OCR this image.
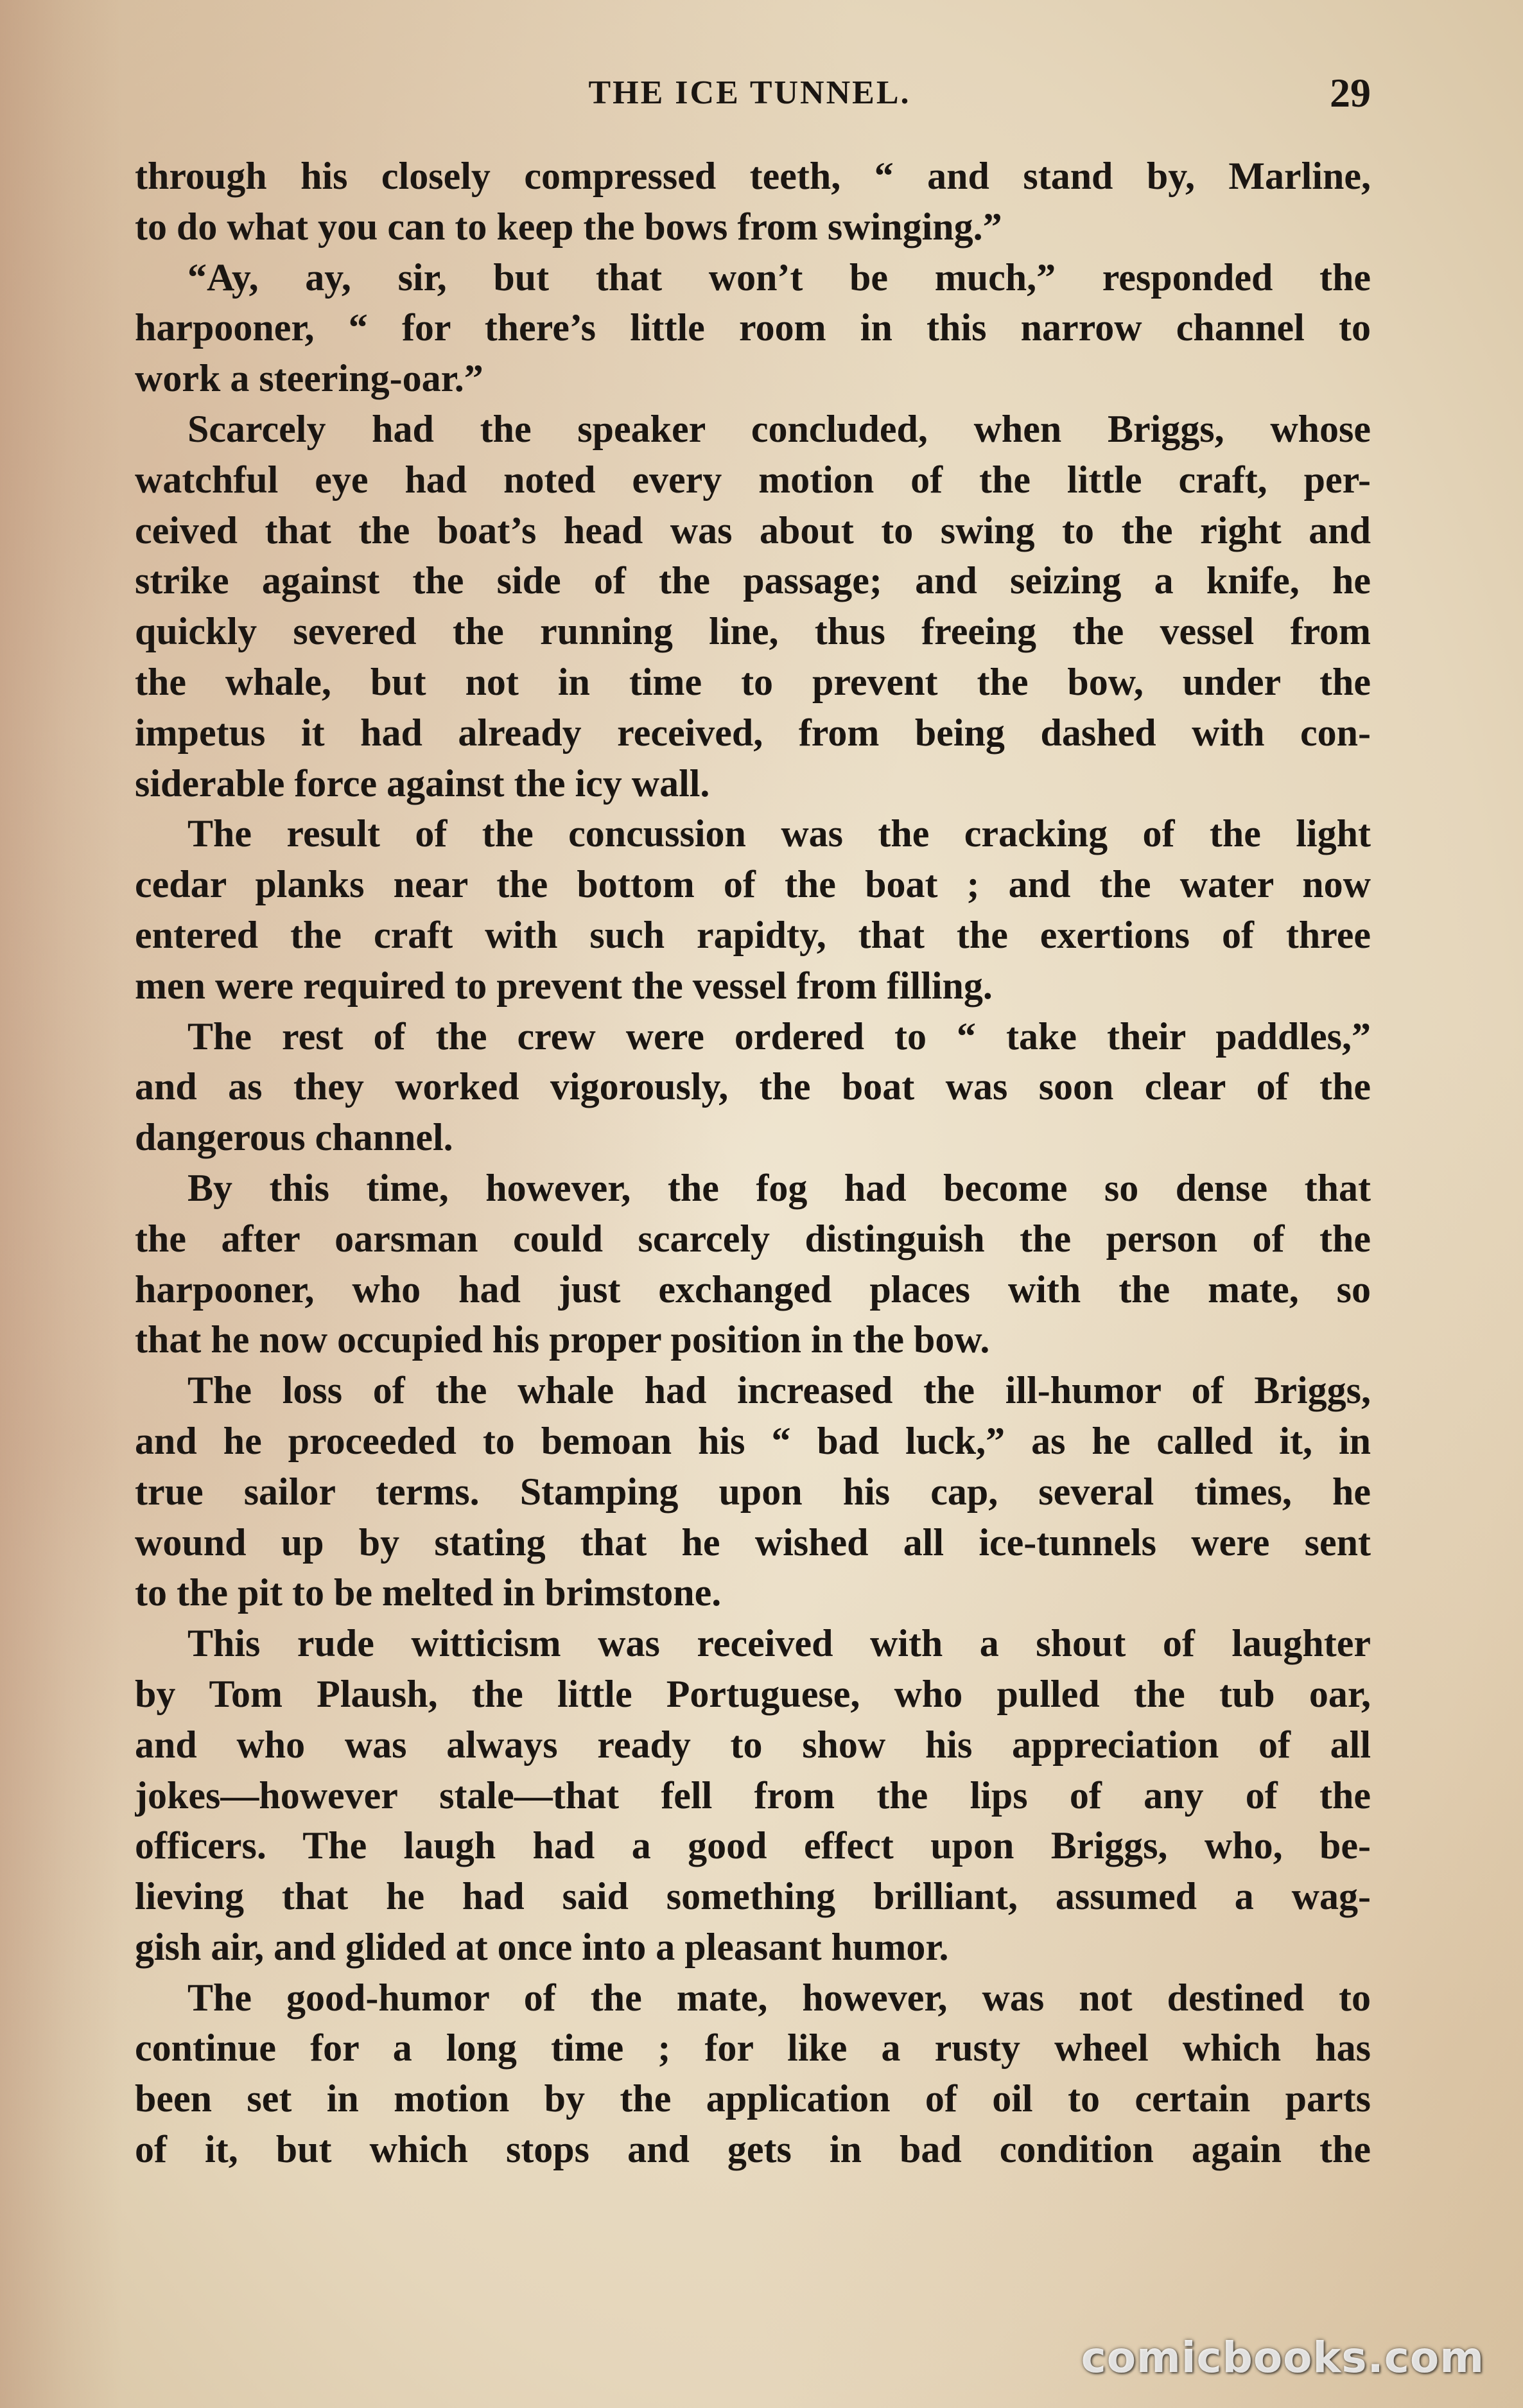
THE ICE TUNNEL.	29

through his closely compressed teeth, “ and stand by, Marline,

to do what you can to keep the bows from swinging.”

“Ay, ay, sir, but that won’t be much,” responded the

harpooner, “ for there’s little room in this narrow channel to

work a steering-oar.”

Scarcely had the speaker concluded, when Briggs, whose

watchful eye had noted every motion of the little craft, per-

ceived that the boat’s head was about to swing to the right and

strike against the side of the passage; and seizing a knife, he

quickly severed the running line, thus freeing the vessel from

the whale, but not in time to prevent the bow, under the

impetus it had already received, from being dashed with con-

siderable force against the icy wall.

The result of the concussion was the cracking of the light

cedar planks near the bottom of the boat ; and the water now

entered the craft with such rapidty, that the exertions of three

men were required to prevent the vessel from filling.

The rest of the crew were ordered to “ take their paddles,”

and as they worked vigorously, the boat was soon clear of the

dangerous channel.

By this time, however, the fog had become so dense that

the after oarsman could scarcely distinguish the person of the

harpooner, who had just exchanged places with the mate, so

that he now occupied his proper position in the bow.

The loss of the whale had increased the ill-humor of Briggs,

and he proceeded to bemoan his “ bad luck,” as he called it, in

true sailor terms. Stamping upon his cap, several times, he

wound up by stating that he wished all ice-tunnels were sent

to the pit to be melted in brimstone.

This rude witticism was received with a shout of laughter

by Tom Plaush, the little Portuguese, who pulled the tub oar,

and who was always ready to show his appreciation of all

jokes—however stale—that fell from the lips of any of the

officers. The laugh had a good effect upon Briggs, who, be-

lieving that he had said something brilliant, assumed a wag-

gish air, and glided at once into a pleasant humor.

The good-humor of the mate, however, was not destined to

continue for a long time ; for like a rusty wheel which has

been set in motion by the application of oil to certain parts

of it, but which stops and gets in bad condition again the

comicbooks.com
